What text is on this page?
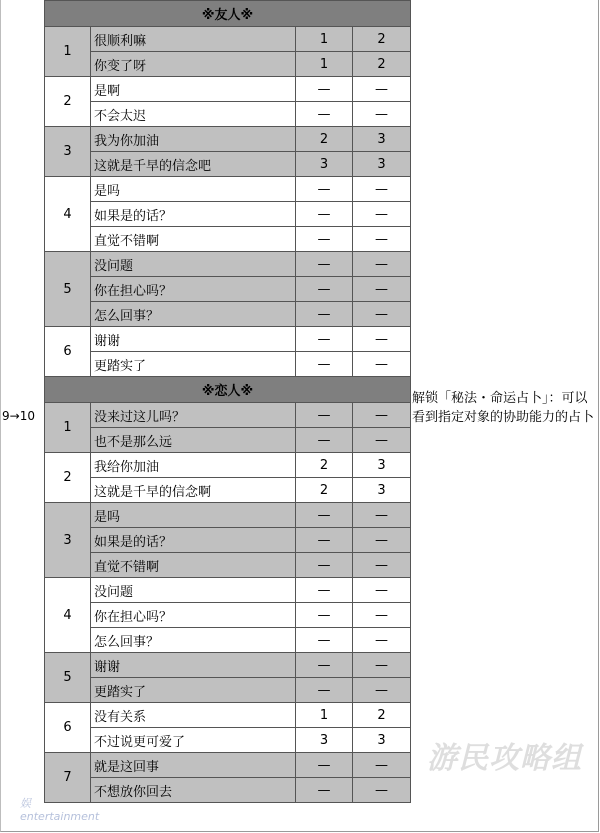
9→10
※友人※			
1	很顺利嘛	1	2
	你变了呀	1	2
2	是啊	—	—
	不会太迟	—	—
3	我为你加油	2	3
	这就是千早的信念吧	3	3
4	是吗	—	—
	如果是的话？	—	—
	直觉不错啊	—	—
5	没问题	—	—
	你在担心吗？	—	—
	怎么回事？	—	—
6	谢谢	—	—
	更踏实了	—	—
※恋人※			
1	没来过这儿吗？	—	—
	也不是那么远	—	—
2	我给你加油	2	3
	这就是千早的信念啊	2	3
3	是吗	—	—
	如果是的话？	—	—
	直觉不错啊	—	—
4	没问题	—	—
	你在担心吗？	—	—
	怎么回事？	—	—
5	谢谢	—	—
	更踏实了	—	—
6	没有关系	1	2
	不过说更可爱了	3	3
7	就是这回事	—	—
	不想放你回去	—	—
解锁「秘法・命运占卜」：可以看到指定对象的协助能力的占卜
游民攻略组
娱
entertainment
